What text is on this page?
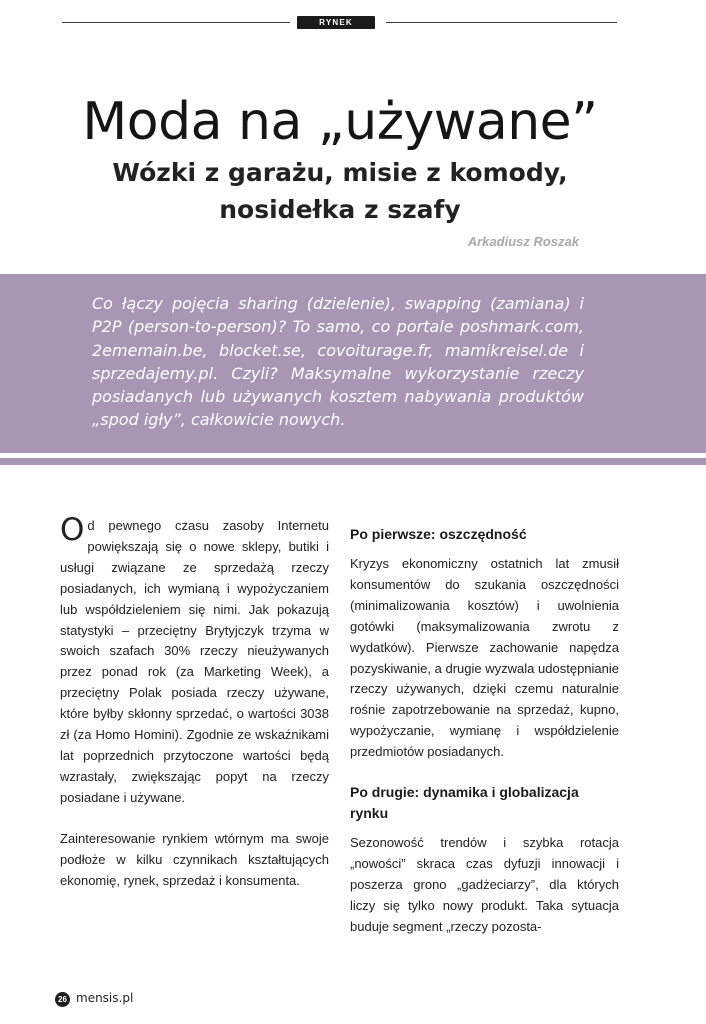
RYNEK
Moda na „używane”
Wózki z garażu, misie z komody, nosidełka z szafy
Arkadiusz Roszak

Co łączy pojęcia sharing (dzielenie), swapping (zamiana) i P2P (person-to-person)? To samo, co portale poshmark.com, 2ememain.be, blocket.se, covoiturage.fr, mamikreisel.de i sprzedajemy.pl. Czyli? Maksymalne wykorzystanie rzeczy posiadanych lub używanych kosztem nabywania produktów „spod igły”, całkowicie nowych.

Od pewnego czasu zasoby Internetu powiększają się o nowe sklepy, butiki i usługi związane ze sprzedażą rzeczy posiadanych, ich wymianą i wypożyczaniem lub współdzieleniem się nimi. Jak pokazują statystyki – przeciętny Brytyjczyk trzyma w swoich szafach 30% rzeczy nieużywanych przez ponad rok (za Marketing Week), a przeciętny Polak posiada rzeczy używane, które byłby skłonny sprzedać, o wartości 3038 zł (za Homo Homini). Zgodnie ze wskaźnikami lat poprzednich przytoczone wartości będą wzrastały, zwiększając popyt na rzeczy posiadane i używane.

Zainteresowanie rynkiem wtórnym ma swoje podłoże w kilku czynnikach kształtujących ekonomię, rynek, sprzedaż i konsumenta.

Po pierwsze: oszczędność

Kryzys ekonomiczny ostatnich lat zmusił konsumentów do szukania oszczędności (minimalizowania kosztów) i uwolnienia gotówki (maksymalizowania zwrotu z wydatków). Pierwsze zachowanie napędza pozyskiwanie, a drugie wyzwala udostępnianie rzeczy używanych, dzięki czemu naturalnie rośnie zapotrzebowanie na sprzedaż, kupno, wypożyczanie, wymianę i współdzielenie przedmiotów posiadanych.

Po drugie: dynamika i globalizacja rynku

Sezonowość trendów i szybka rotacja „nowości” skraca czas dyfuzji innowacji i poszerza grono „gadżeciarzy”, dla których liczy się tylko nowy produkt. Taka sytuacja buduje segment „rzeczy pozosta-

26 mensis.pl
